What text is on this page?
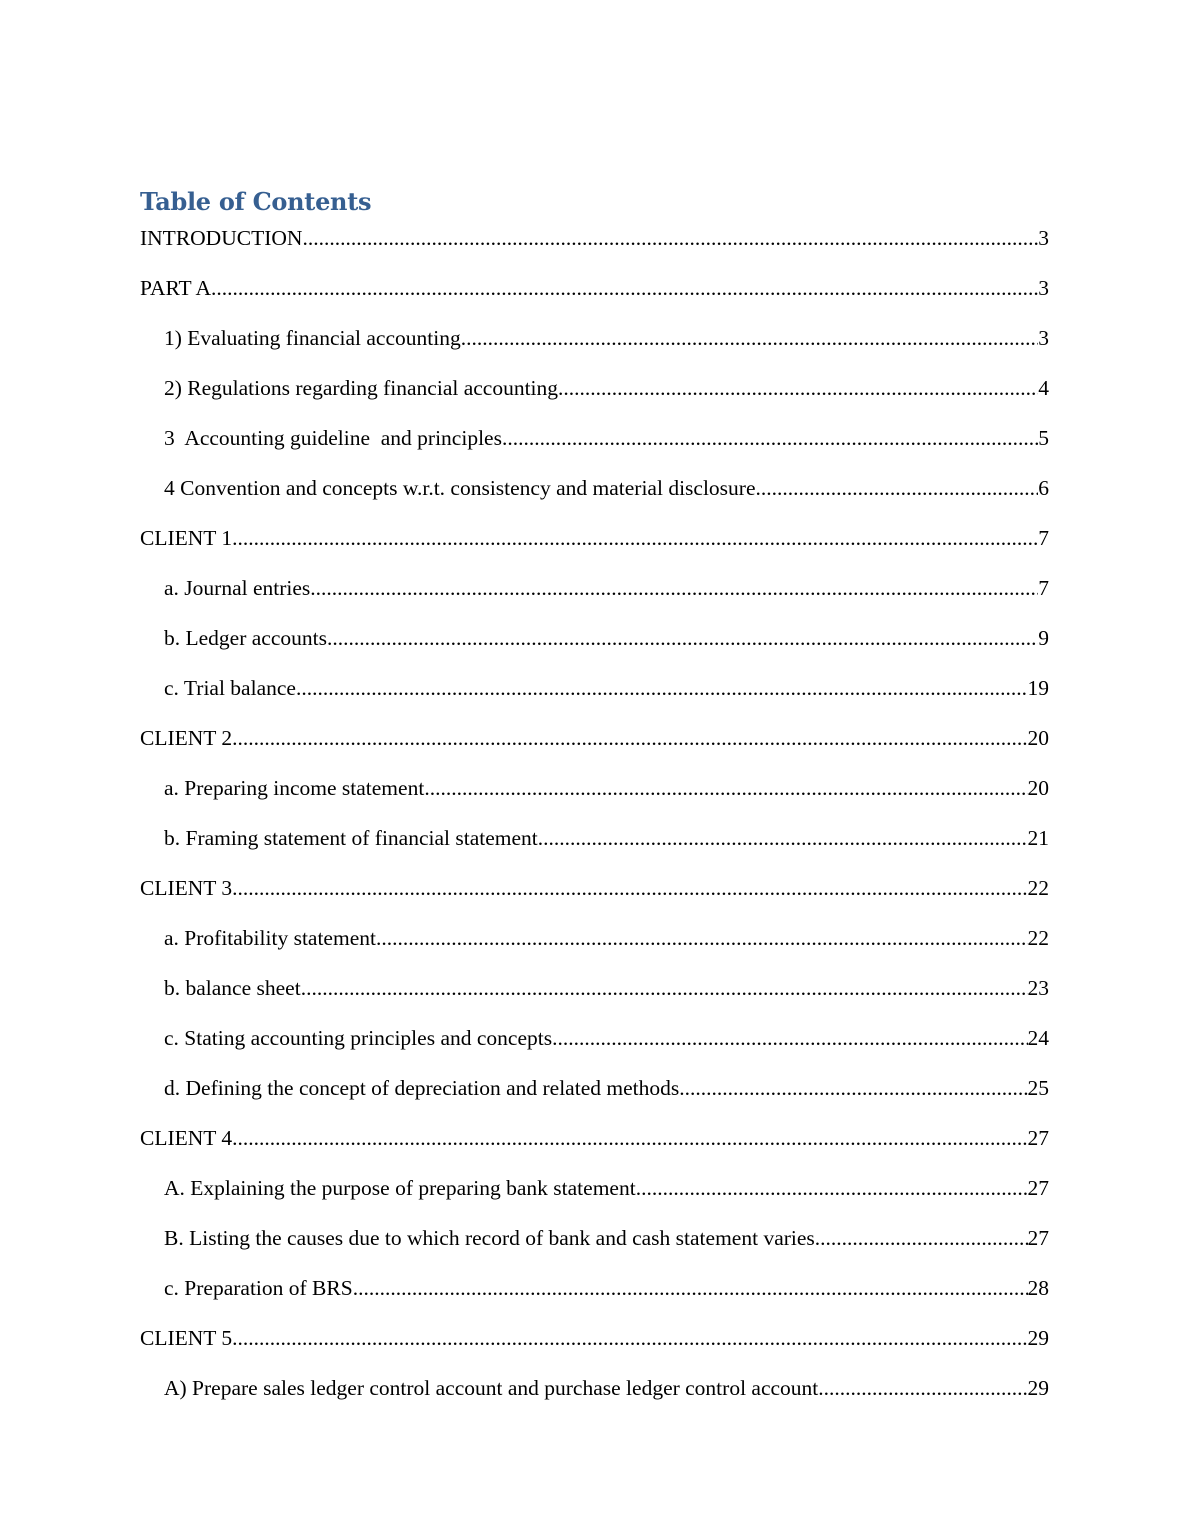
Table of Contents
INTRODUCTION .....	3
PART A .....	3
1) Evaluating financial accounting .....	3
2) Regulations regarding financial accounting .....	4
3  Accounting guideline  and principles .....	5
4 Convention and concepts w.r.t. consistency and material disclosure .....	6
CLIENT 1 .....	7
a. Journal entries .....	7
b. Ledger accounts .....	9
c. Trial balance .....	19
CLIENT 2 .....	20
a. Preparing income statement .....	20
b. Framing statement of financial statement .....	21
CLIENT 3 .....	22
a. Profitability statement .....	22
b. balance sheet .....	23
c. Stating accounting principles and concepts .....	24
d. Defining the concept of depreciation and related methods .....	25
CLIENT 4 .....	27
A. Explaining the purpose of preparing bank statement .....	27
B. Listing the causes due to which record of bank and cash statement varies .....	27
c. Preparation of BRS .....	28
CLIENT 5 .....	29
A) Prepare sales ledger control account and purchase ledger control account .....	29
